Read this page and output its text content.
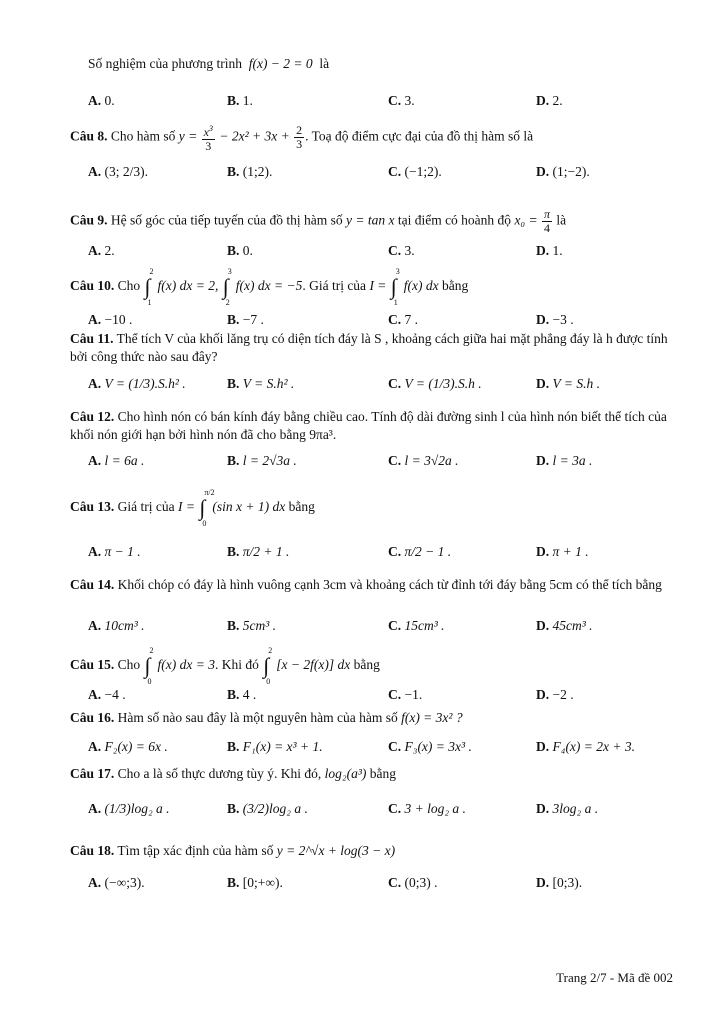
Số nghiệm của phương trình f(x) − 2 = 0 là
A. 0.	B. 1.	C. 3.	D. 2.
Câu 8. Cho hàm số $y = \frac{x^3}{3} - 2x^2 + 3x + \frac{2}{3}$ . Toạ độ điểm cực đại của đồ thị hàm số là
A. (3; 2/3).	B. (1;2).	C. (−1;2).	D. (1;−2).
Câu 9. Hệ số góc của tiếp tuyến của đồ thị hàm số y = tan x tại điểm có hoành độ $x_0 = \frac{\pi}{4}$ là
A. 2.	B. 0.	C. 3.	D. 1.
Câu 10. Cho
2
∫
1
f(x) dx = 2,
3
∫
2
f(x) dx = −5. Giá trị của I =
3
∫
1
f(x) dx bằng
A. −10 .	B. −7 .	C. 7 .	D. −3 .
Câu 11. Thể tích V của khối lăng trụ có diện tích đáy là S , khoảng cách giữa hai mặt phẳng đáy là h được tính bởi công thức nào sau đây?
A. V = (1/3).S.h² .	B. V = S.h² .	C. V = (1/3).S.h .	D. V = S.h .
Câu 12. Cho hình nón có bán kính đáy bằng chiều cao. Tính độ dài đường sinh l của hình nón biết thể tích của khối nón giới hạn bởi hình nón đã cho bằng 9πa³.
A. l = 6a .	B. l = 2√3a .	C. l = 3√2a .	D. l = 3a .
Câu 13. Giá trị của I =
π/2
∫
0
(sin x + 1) dx bằng
A. π − 1 .	B. π/2 + 1 .	C. π/2 − 1 .	D. π + 1 .
Câu 14. Khối chóp có đáy là hình vuông cạnh 3cm và khoảng cách từ đỉnh tới đáy bằng 5cm có thể tích bằng
A. 10cm³ .	B. 5cm³ .	C. 15cm³ .	D. 45cm³ .
Câu 15. Cho
2
∫
0
f(x) dx = 3. Khi đó
2
∫
0
[x − 2f(x)] dx bằng
A. −4 .	B. 4 .	C. −1.	D. −2 .
Câu 16. Hàm số nào sau đây là một nguyên hàm của hàm số f(x) = 3x² ?
A. F₂(x) = 6x .	B. F₁(x) = x³ + 1.	C. F₃(x) = 3x³ .	D. F₄(x) = 2x + 3.
Câu 17. Cho a là số thực dương tùy ý. Khi đó, log₂(a³) bằng
A. (1/3)log₂ a .	B. (3/2)log₂ a .	C. 3 + log₂ a .	D. 3log₂ a .
Câu 18. Tìm tập xác định của hàm số y = 2^√x + log(3 − x)
A. (−∞;3).	B. [0;+∞).	C. (0;3) .	D. [0;3).
Trang 2/7 - Mã đề 002
